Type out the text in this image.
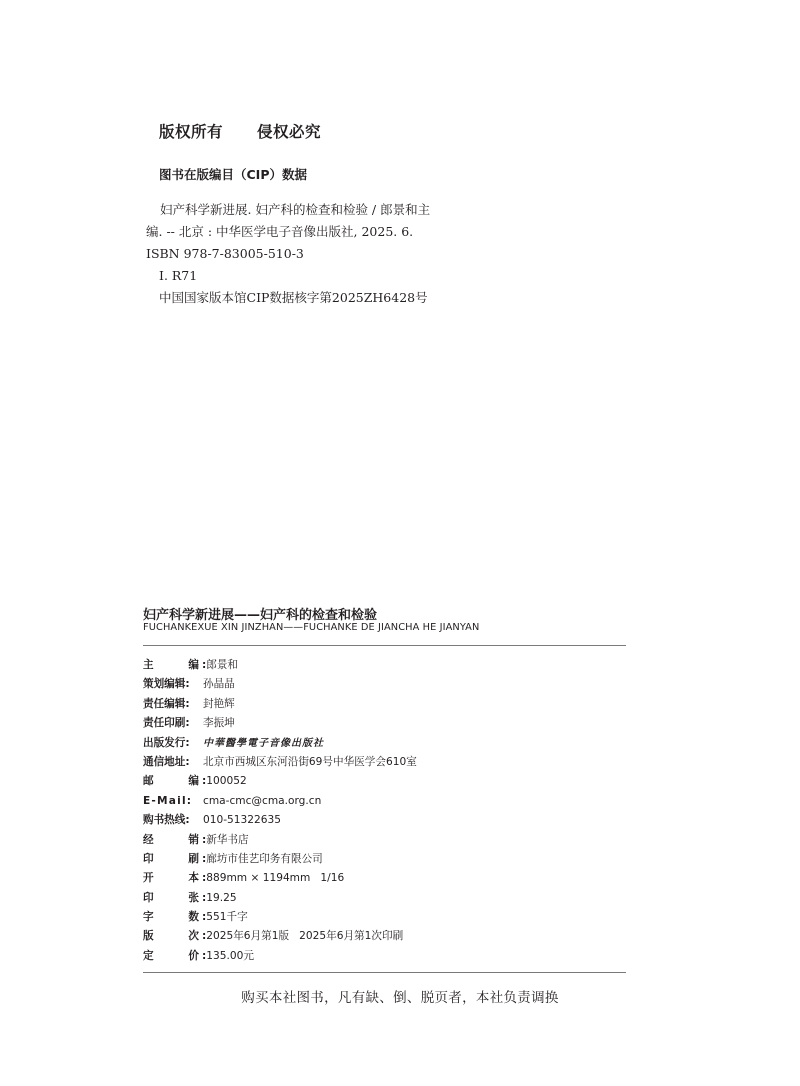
版权所有 侵权必究
图书在版编目（CIP）数据
妇产科学新进展. 妇产科的检查和检验 / 郎景和主
编. -- 北京 : 中华医学电子音像出版社, 2025. 6.
ISBN 978-7-83005-510-3
Ⅰ. R71
中国国家版本馆CIP数据核字第2025ZH6428号
妇产科学新进展——妇产科的检查和检验
FUCHANKEXUE XIN JINZHAN——FUCHANKE DE JIANCHA HE JIANYAN
主	编 : 郎景和
策划编辑:	孙晶晶
责任编辑:	封艳辉
责任印刷:	李振坤
出版发行:	中華醫學電子音像出版社
通信地址:	北京市西城区东河沿街69号中华医学会610室
邮	编 : 100052
E-Mail:	cma-cmc@cma.org.cn
购书热线:	010-51322635
经	销 : 新华书店
印	刷 : 廊坊市佳艺印务有限公司
开	本 : 889mm × 1194mm   1/16
印	张 : 19.25
字	数 : 551千字
版	次 : 2025年6月第1版   2025年6月第1次印刷
定	价 : 135.00元
购买本社图书，凡有缺、倒、脱页者，本社负责调换
